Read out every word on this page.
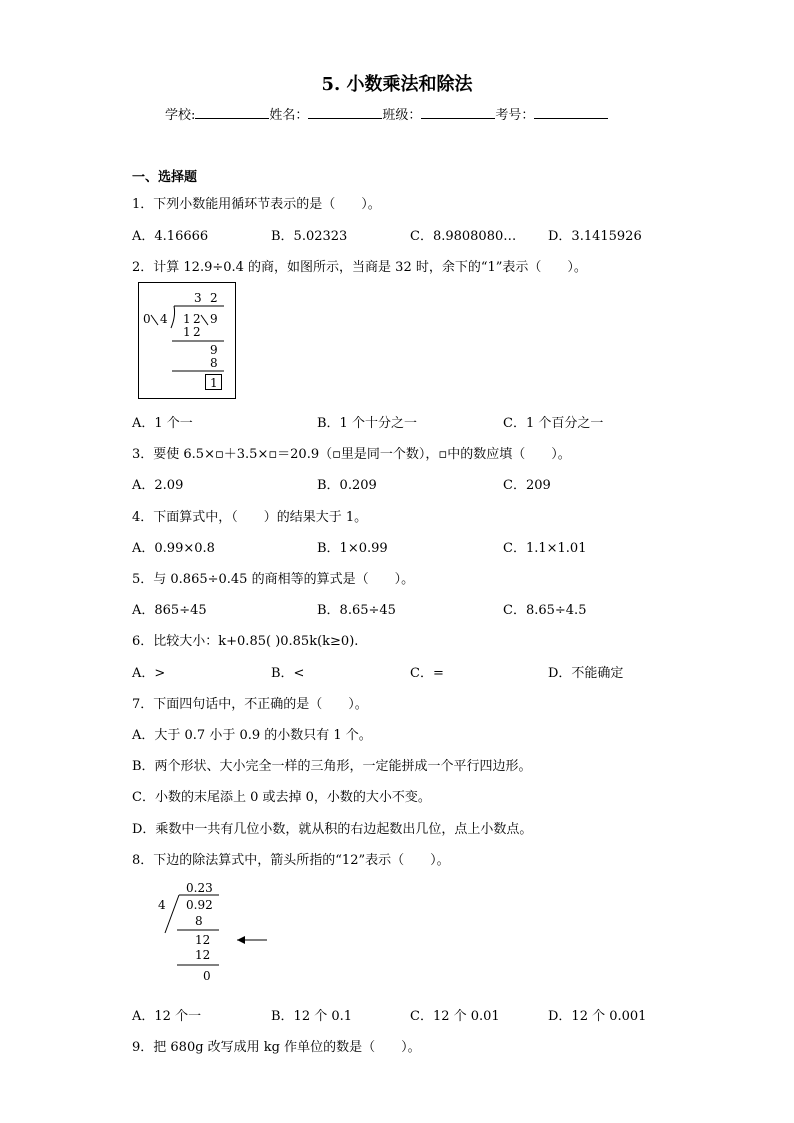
5. 小数乘法和除法
学校:	姓名：	班级：	考号：
一、选择题
1．下列小数能用循环节表示的是（　　）。
A．4.16666	B．5.02323	C．8.9808080… D．3.1415926
2．计算 12.9÷0.4 的商，如图所示，当商是 32 时，余下的“1”表示（　　）。
3 2
0 4 1 2 9
1 2
9
8
1
A．1 个一	B．1 个十分之一	C．1 个百分之一
3．要使 6.5×▫＋3.5×▫＝20.9（▫里是同一个数），▫中的数应填（　　）。
A．2.09	B．0.209	C．209
4．下面算式中，（　　）的结果大于 1。
A．0.99×0.8	B．1×0.99	C．1.1×1.01
5．与 0.865÷0.45 的商相等的算式是（　　）。
A．865÷45	B．8.65÷45	C．8.65÷4.5
6．比较大小：k+0.85( )0.85k(k≥0).
A．>	B．<	C．=	D．不能确定
7．下面四句话中，不正确的是（　　）。
A．大于 0.7 小于 0.9 的小数只有 1 个。
B．两个形状、大小完全一样的三角形，一定能拼成一个平行四边形。
C．小数的末尾添上 0 或去掉 0，小数的大小不变。
D．乘数中一共有几位小数，就从积的右边起数出几位，点上小数点。
8．下边的除法算式中，箭头所指的“12”表示（　　）。
0.23
4 0.92
8
12
12
0
A．12 个一	B．12 个 0.1	C．12 个 0.01	D．12 个 0.001
9．把 680g 改写成用 kg 作单位的数是（　　）。
